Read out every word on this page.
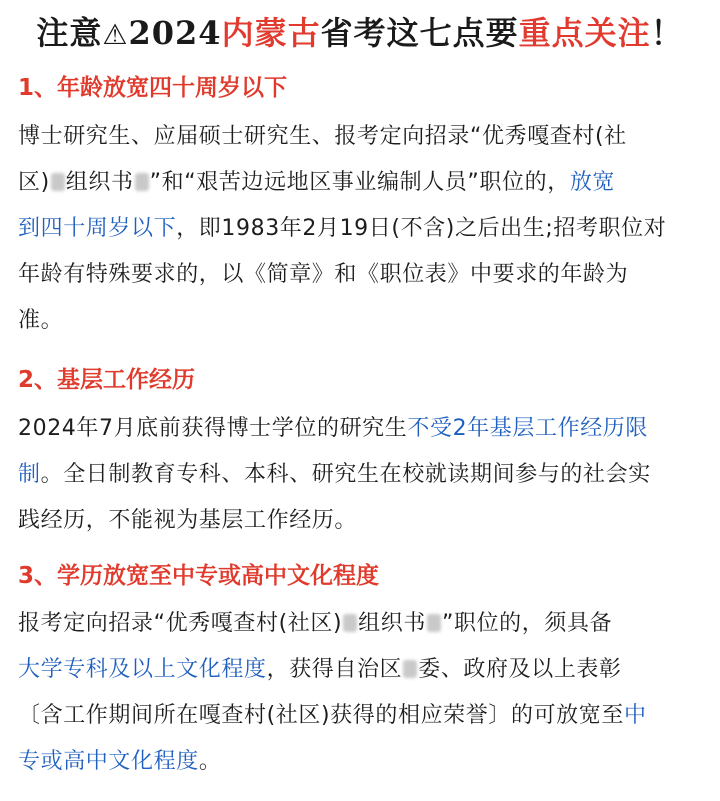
注意⚠2024内蒙古省考这七点要重点关注！
1、年龄放宽四十周岁以下
博士研究生、应届硕士研究生、报考定向招录“优秀嘎查村(社
区) 组织书 ”和“艰苦边远地区事业编制人员”职位的，放宽
到四十周岁以下，即1983年2月19日(不含)之后出生;招考职位对
年龄有特殊要求的，以《简章》和《职位表》中要求的年龄为
准。
2、基层工作经历
2024年7月底前获得博士学位的研究生不受2年基层工作经历限
制。全日制教育专科、本科、研究生在校就读期间参与的社会实
践经历，不能视为基层工作经历。
3、学历放宽至中专或高中文化程度
报考定向招录“优秀嘎查村(社区) 组织书 ”职位的，须具备
大学专科及以上文化程度，获得自治区 委、政府及以上表彰
〔含工作期间所在嘎查村(社区)获得的相应荣誉〕的可放宽至中
专或高中文化程度。
